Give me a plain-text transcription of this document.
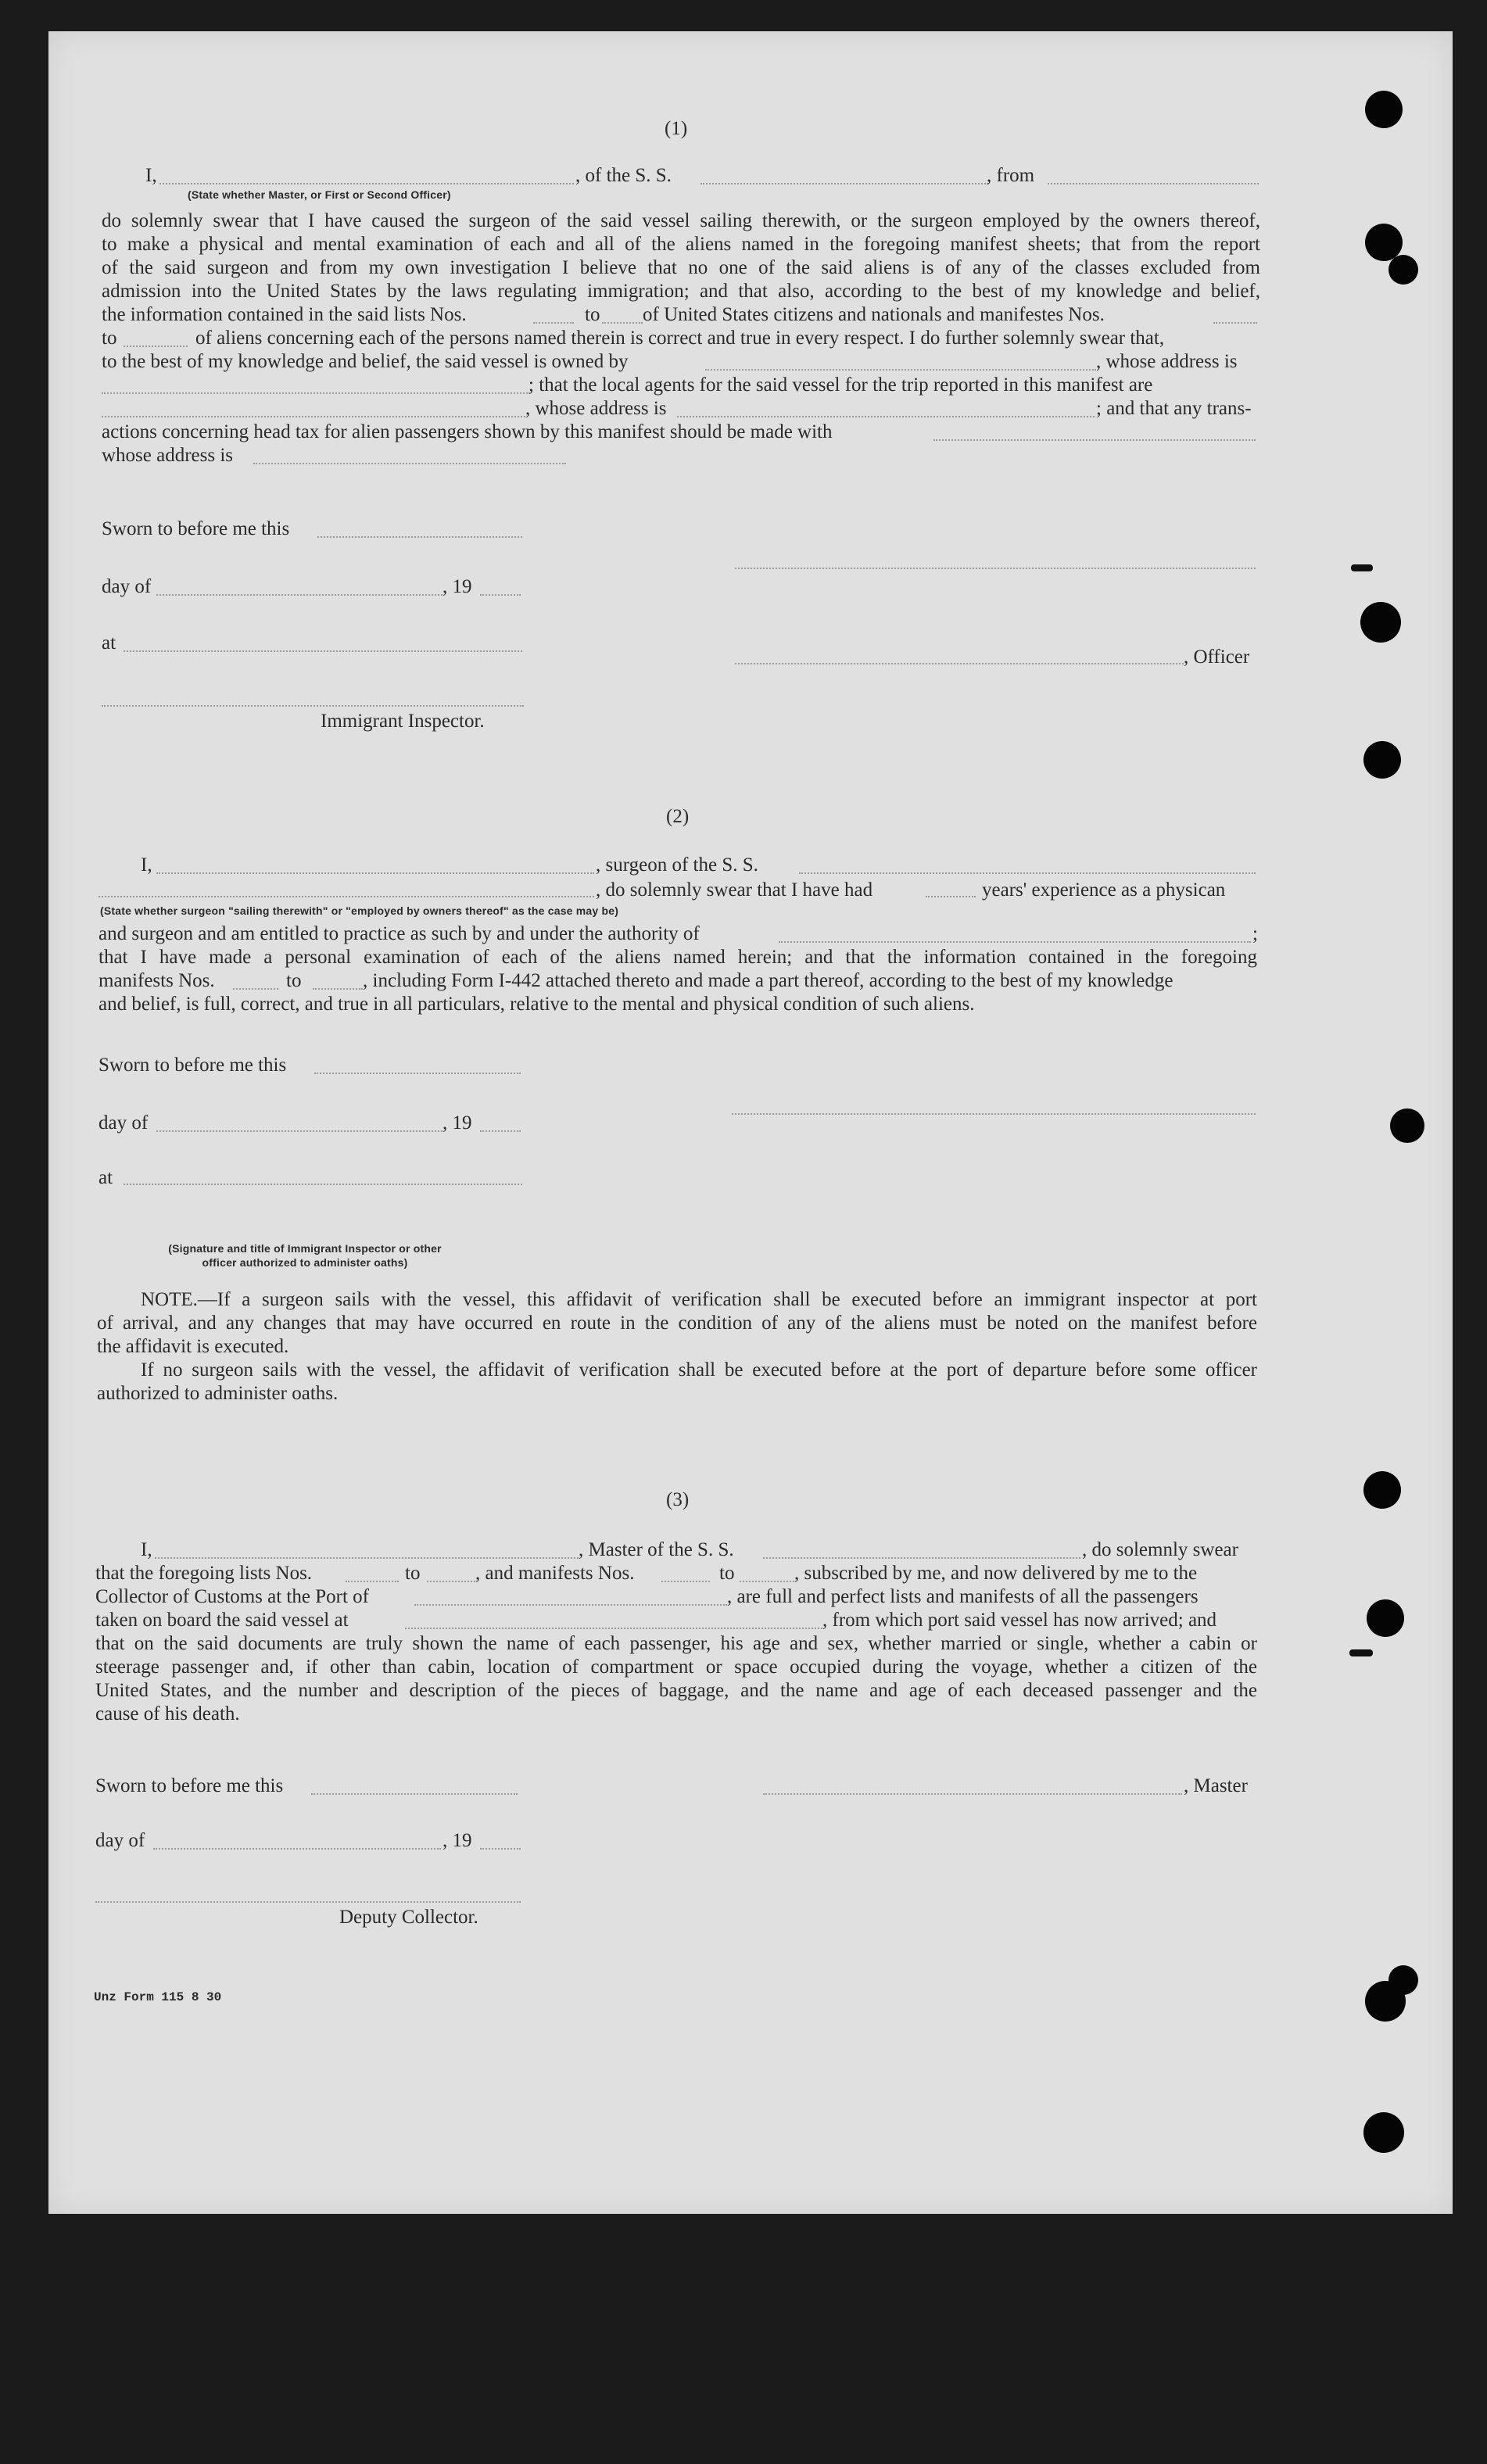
(1)
I,	, of the S. S.	, from
(State whether Master, or First or Second Officer)
do solemnly swear that I have caused the surgeon of the said vessel sailing therewith, or the surgeon employed by the owners thereof,
to make a physical and mental examination of each and all of the aliens named in the foregoing manifest sheets; that from the report
of the said surgeon and from my own investigation I believe that no one of the said aliens is of any of the classes excluded from
admission into the United States by the laws regulating immigration; and that also, according to the best of my knowledge and belief,
the information contained in the said lists Nos.	to of United States citizens and nationals and manifestes Nos.
to	of aliens concerning each of the persons named therein is correct and true in every respect. I do further solemnly swear that,
to the best of my knowledge and belief, the said vessel is owned by	, whose address is
; that the local agents for the said vessel for the trip reported in this manifest are
, whose address is	; and that any trans-
actions concerning head tax for alien passengers shown by this manifest should be made with
whose address is
Sworn to before me this
day of	, 19
at
, Officer
Immigrant Inspector.
(2)
I,	, surgeon of the S. S.
, do solemnly swear that I have had	years' experience as a physican
(State whether surgeon "sailing therewith" or "employed by owners thereof" as the case may be)
and surgeon and am entitled to practice as such by and under the authority of	;
that I have made a personal examination of each of the aliens named herein; and that the information contained in the foregoing
manifests Nos.	to	, including Form I-442 attached thereto and made a part thereof, according to the best of my knowledge
and belief, is full, correct, and true in all particulars, relative to the mental and physical condition of such aliens.
Sworn to before me this
day of	, 19
at
(Signature and title of Immigrant Inspector or other
officer authorized to administer oaths)
NOTE.—If a surgeon sails with the vessel, this affidavit of verification shall be executed before an immigrant inspector at port
of arrival, and any changes that may have occurred en route in the condition of any of the aliens must be noted on the manifest before
the affidavit is executed.
If no surgeon sails with the vessel, the affidavit of verification shall be executed before at the port of departure before some officer
authorized to administer oaths.
(3)
I,	, Master of the S. S.	, do solemnly swear
that the foregoing lists Nos.	to	, and manifests Nos.	to	, subscribed by me, and now delivered by me to the
Collector of Customs at the Port of	, are full and perfect lists and manifests of all the passengers
taken on board the said vessel at	, from which port said vessel has now arrived; and
that on the said documents are truly shown the name of each passenger, his age and sex, whether married or single, whether a cabin or
steerage passenger and, if other than cabin, location of compartment or space occupied during the voyage, whether a citizen of the
United States, and the number and description of the pieces of baggage, and the name and age of each deceased passenger and the
cause of his death.
Sworn to before me this	, Master
day of	, 19
Deputy Collector.
Unz Form 115 8 30
